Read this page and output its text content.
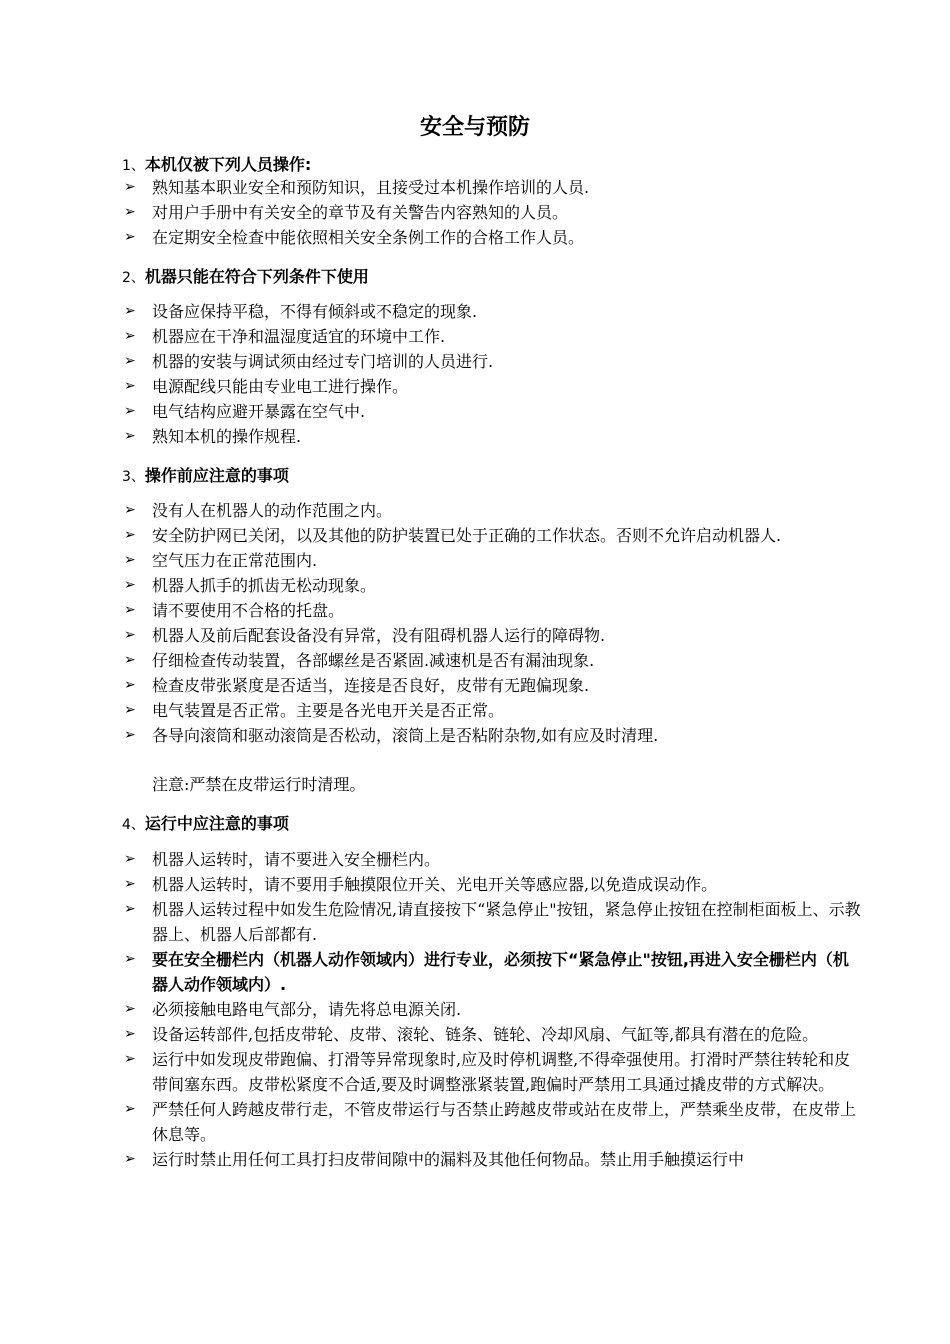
安全与预防
1、本机仅被下列人员操作:
➢ 熟知基本职业安全和预防知识，且接受过本机操作培训的人员.
➢ 对用户手册中有关安全的章节及有关警告内容熟知的人员。
➢ 在定期安全检查中能依照相关安全条例工作的合格工作人员。
2、机器只能在符合下列条件下使用
➢ 设备应保持平稳，不得有倾斜或不稳定的现象.
➢ 机器应在干净和温湿度适宜的环境中工作.
➢ 机器的安装与调试须由经过专门培训的人员进行.
➢ 电源配线只能由专业电工进行操作。
➢ 电气结构应避开暴露在空气中.
➢ 熟知本机的操作规程.
3、操作前应注意的事项
➢ 没有人在机器人的动作范围之内。
➢ 安全防护网已关闭，以及其他的防护装置已处于正确的工作状态。否则不允许启动机器人.
➢ 空气压力在正常范围内.
➢ 机器人抓手的抓齿无松动现象。
➢ 请不要使用不合格的托盘。
➢ 机器人及前后配套设备没有异常，没有阻碍机器人运行的障碍物.
➢ 仔细检查传动装置，各部螺丝是否紧固.减速机是否有漏油现象.
➢ 检查皮带张紧度是否适当，连接是否良好，皮带有无跑偏现象.
➢ 电气装置是否正常。主要是各光电开关是否正常。
➢ 各导向滚筒和驱动滚筒是否松动，滚筒上是否粘附杂物,如有应及时清理.
注意:严禁在皮带运行时清理。
4、运行中应注意的事项
➢ 机器人运转时，请不要进入安全栅栏内。
➢ 机器人运转时，请不要用手触摸限位开关、光电开关等感应器,以免造成误动作。
➢ 机器人运转过程中如发生危险情况,请直接按下“紧急停止"按钮，紧急停止按钮在控制柜面板上、示教器上、机器人后部都有.
➢ 要在安全栅栏内（机器人动作领域内）进行专业，必须按下“紧急停止"按钮,再进入安全栅栏内（机器人动作领域内）.
➢ 必须接触电路电气部分，请先将总电源关闭.
➢ 设备运转部件,包括皮带轮、皮带、滚轮、链条、链轮、冷却风扇、气缸等,都具有潜在的危险。
➢ 运行中如发现皮带跑偏、打滑等异常现象时,应及时停机调整,不得牵强使用。打滑时严禁往转轮和皮带间塞东西。皮带松紧度不合适,要及时调整涨紧装置,跑偏时严禁用工具通过撬皮带的方式解决。
➢ 严禁任何人跨越皮带行走，不管皮带运行与否禁止跨越皮带或站在皮带上，严禁乘坐皮带，在皮带上休息等。
➢ 运行时禁止用任何工具打扫皮带间隙中的漏料及其他任何物品。禁止用手触摸运行中
